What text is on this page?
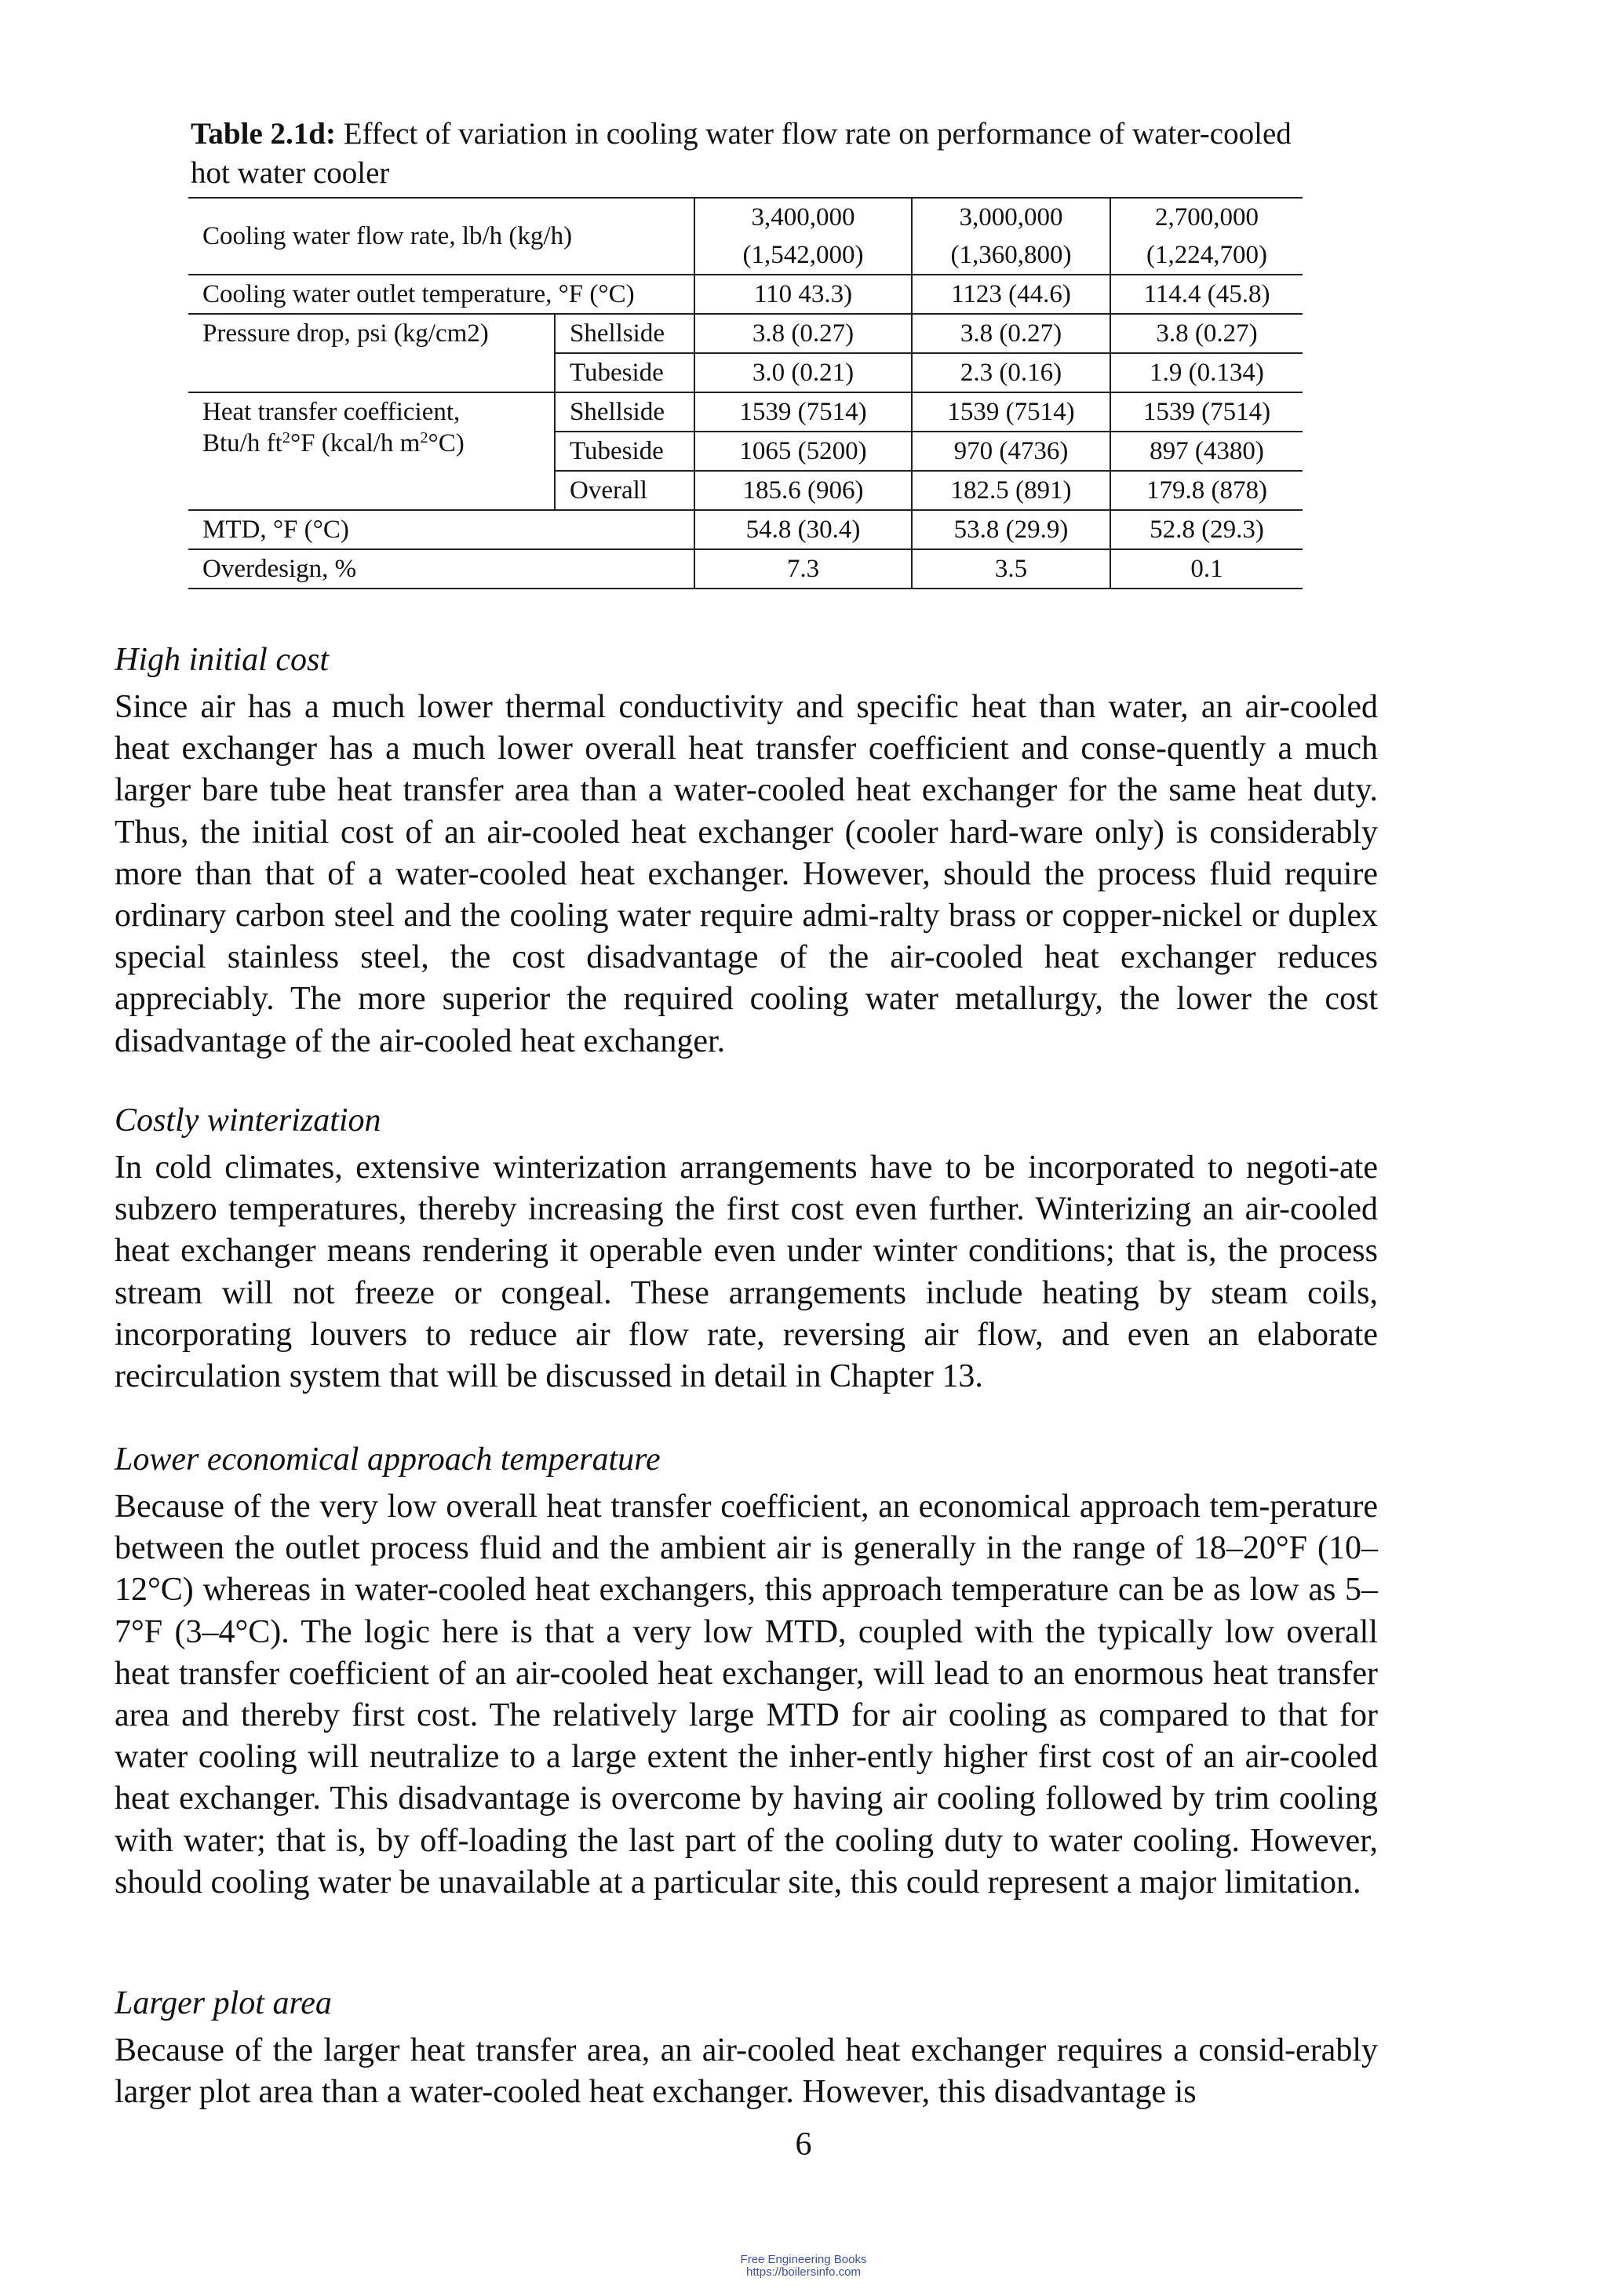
Table 2.1d: Effect of variation in cooling water flow rate on performance of water-cooled hot water cooler
Cooling water flow rate, lb/h (kg/h)		3,400,000	3,000,000	2,700,000
		(1,542,000)	(1,360,800)	(1,224,700)
Cooling water outlet temperature, °F (°C)		110 43.3)	1123 (44.6)	114.4 (45.8)
Pressure drop, psi (kg/cm2)	Shellside	3.8 (0.27)	3.8 (0.27)	3.8 (0.27)
	Tubeside	3.0 (0.21)	2.3 (0.16)	1.9 (0.134)

Heat transfer coefficient,
Btu/h $ft^2^\circ F$ (kcal/h $m^2^\circ C$)	Shellside	1539 (7514)	1539 (7514)	1539 (7514)
	Tubeside	1065 (5200)	970 (4736)	897 (4380)
	Overall	185.6 (906)	182.5 (891)	179.8 (878)
MTD, °F (°C)		54.8 (30.4)	53.8 (29.9)	52.8 (29.3)
Overdesign, %		7.3	3.5	0.1
High initial cost

Since air has a much lower thermal conductivity and specific heat than water, an air-cooled heat exchanger has a much lower overall heat transfer coefficient and conse-quently a much larger bare tube heat transfer area than a water-cooled heat exchanger for the same heat duty. Thus, the initial cost of an air-cooled heat exchanger (cooler hard-ware only) is considerably more than that of a water-cooled heat exchanger. However, should the process fluid require ordinary carbon steel and the cooling water require admi-ralty brass or copper-nickel or duplex special stainless steel, the cost disadvantage of the air-cooled heat exchanger reduces appreciably. The more superior the required cooling water metallurgy, the lower the cost disadvantage of the air-cooled heat exchanger.

Costly winterization

In cold climates, extensive winterization arrangements have to be incorporated to negoti-ate subzero temperatures, thereby increasing the first cost even further. Winterizing an air-cooled heat exchanger means rendering it operable even under winter conditions; that is, the process stream will not freeze or congeal. These arrangements include heating by steam coils, incorporating louvers to reduce air flow rate, reversing air flow, and even an elaborate recirculation system that will be discussed in detail in Chapter 13.

Lower economical approach temperature

Because of the very low overall heat transfer coefficient, an economical approach tem-perature between the outlet process fluid and the ambient air is generally in the range of 18–20°F (10–12°C) whereas in water-cooled heat exchangers, this approach temperature can be as low as 5–7°F (3–4°C). The logic here is that a very low MTD, coupled with the typically low overall heat transfer coefficient of an air-cooled heat exchanger, will lead to an enormous heat transfer area and thereby first cost. The relatively large MTD for air cooling as compared to that for water cooling will neutralize to a large extent the inher-ently higher first cost of an air-cooled heat exchanger. This disadvantage is overcome by having air cooling followed by trim cooling with water; that is, by off-loading the last part of the cooling duty to water cooling. However, should cooling water be unavailable at a particular site, this could represent a major limitation.

Larger plot area

Because of the larger heat transfer area, an air-cooled heat exchanger requires a consid-erably larger plot area than a water-cooled heat exchanger. However, this disadvantage is

6
Free Engineering Books
https://boilersinfo.com
